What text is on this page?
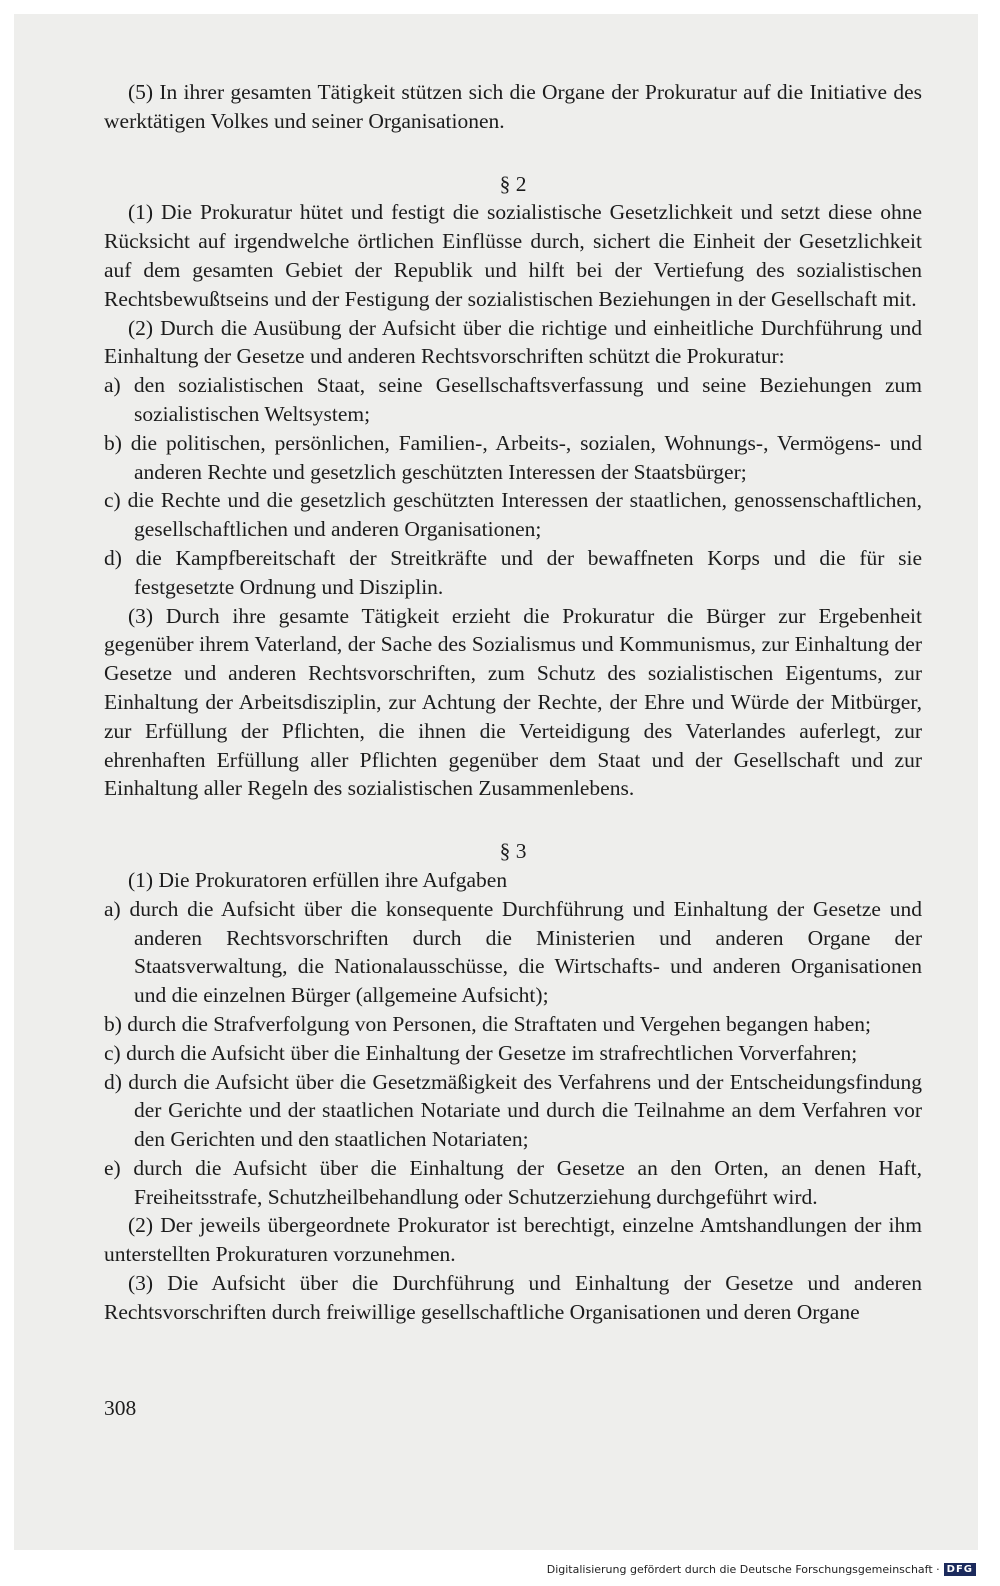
(5) In ihrer gesamten Tätigkeit stützen sich die Organe der Prokuratur auf die Initiative des werktätigen Volkes und seiner Organisationen.

§ 2

(1) Die Prokuratur hütet und festigt die sozialistische Gesetzlichkeit und setzt diese ohne Rücksicht auf irgendwelche örtlichen Einflüsse durch, sichert die Einheit der Gesetzlichkeit auf dem gesamten Gebiet der Republik und hilft bei der Vertiefung des sozialistischen Rechtsbewußtseins und der Festigung der sozialistischen Beziehungen in der Gesellschaft mit.

(2) Durch die Ausübung der Aufsicht über die richtige und einheitliche Durchführung und Einhaltung der Gesetze und anderen Rechtsvorschriften schützt die Prokuratur:

a) den sozialistischen Staat, seine Gesellschaftsverfassung und seine Beziehungen zum sozialistischen Weltsystem;

b) die politischen, persönlichen, Familien-, Arbeits-, sozialen, Wohnungs-, Vermögens- und anderen Rechte und gesetzlich geschützten Interessen der Staatsbürger;

c) die Rechte und die gesetzlich geschützten Interessen der staatlichen, genossenschaftlichen, gesellschaftlichen und anderen Organisationen;

d) die Kampfbereitschaft der Streitkräfte und der bewaffneten Korps und die für sie festgesetzte Ordnung und Disziplin.

(3) Durch ihre gesamte Tätigkeit erzieht die Prokuratur die Bürger zur Ergebenheit gegenüber ihrem Vaterland, der Sache des Sozialismus und Kommunismus, zur Einhaltung der Gesetze und anderen Rechtsvorschriften, zum Schutz des sozialistischen Eigentums, zur Einhaltung der Arbeitsdisziplin, zur Achtung der Rechte, der Ehre und Würde der Mitbürger, zur Erfüllung der Pflichten, die ihnen die Verteidigung des Vaterlandes auferlegt, zur ehrenhaften Erfüllung aller Pflichten gegenüber dem Staat und der Gesellschaft und zur Einhaltung aller Regeln des sozialistischen Zusammenlebens.

§ 3

(1) Die Prokuratoren erfüllen ihre Aufgaben

a) durch die Aufsicht über die konsequente Durchführung und Einhaltung der Gesetze und anderen Rechtsvorschriften durch die Ministerien und anderen Organe der Staatsverwaltung, die Nationalausschüsse, die Wirtschafts- und anderen Organisationen und die einzelnen Bürger (allgemeine Aufsicht);

b) durch die Strafverfolgung von Personen, die Straftaten und Vergehen begangen haben;

c) durch die Aufsicht über die Einhaltung der Gesetze im strafrechtlichen Vorverfahren;

d) durch die Aufsicht über die Gesetzmäßigkeit des Verfahrens und der Entscheidungsfindung der Gerichte und der staatlichen Notariate und durch die Teilnahme an dem Verfahren vor den Gerichten und den staatlichen Notariaten;

e) durch die Aufsicht über die Einhaltung der Gesetze an den Orten, an denen Haft, Freiheitsstrafe, Schutzheilbehandlung oder Schutzerziehung durchgeführt wird.

(2) Der jeweils übergeordnete Prokurator ist berechtigt, einzelne Amtshandlungen der ihm unterstellten Prokuraturen vorzunehmen.

(3) Die Aufsicht über die Durchführung und Einhaltung der Gesetze und anderen Rechtsvorschriften durch freiwillige gesellschaftliche Organisationen und deren Organe

308
Digitalisierung gefördert durch die Deutsche Forschungsgemeinschaft · DFG
